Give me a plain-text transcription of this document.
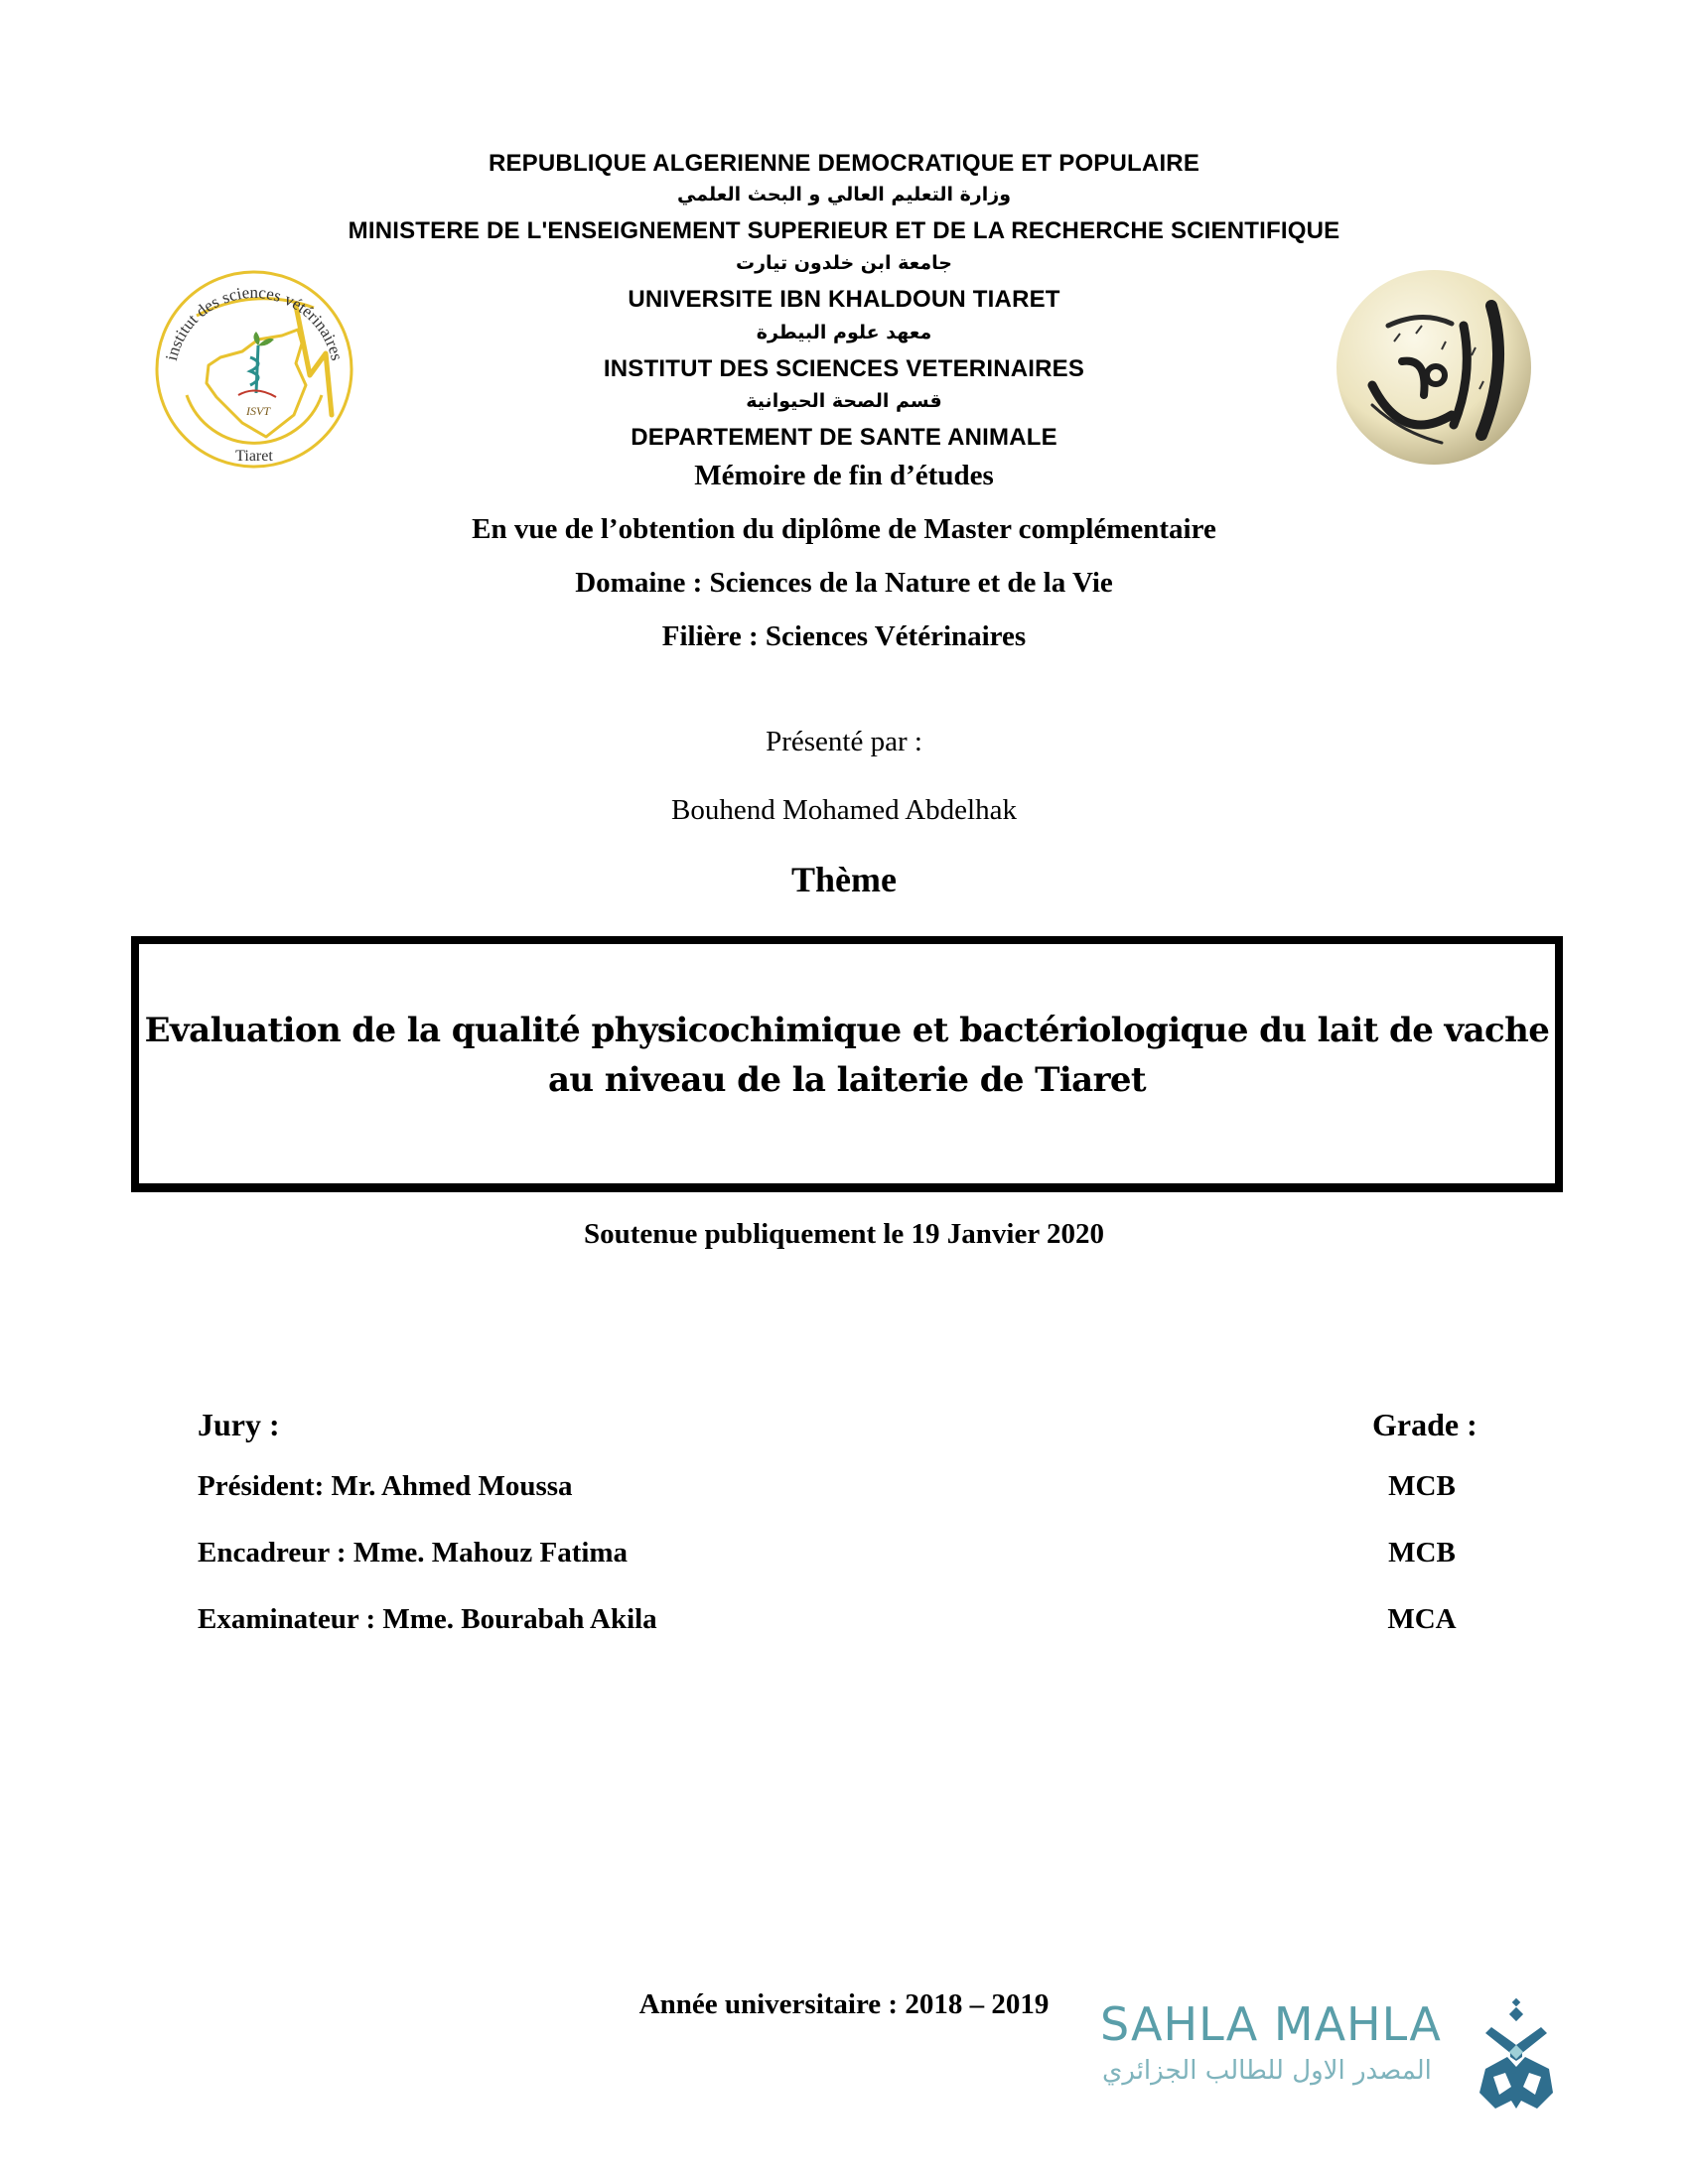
ISVT
institut des sciences vétérinaires
Tiaret
REPUBLIQUE ALGERIENNE DEMOCRATIQUE ET POPULAIRE
وزارة التعليم العالي و البحث العلمي
MINISTERE DE L'ENSEIGNEMENT SUPERIEUR ET DE LA RECHERCHE SCIENTIFIQUE
جامعة ابن خلدون تيارت
UNIVERSITE IBN KHALDOUN TIARET
معهد علوم البيطرة
INSTITUT DES SCIENCES VETERINAIRES
قسم الصحة الحيوانية
DEPARTEMENT DE SANTE ANIMALE
Mémoire de fin d’études
En vue de l’obtention du diplôme de Master complémentaire
Domaine : Sciences de la Nature et de la Vie
Filière : Sciences Vétérinaires
Présenté par :
Bouhend Mohamed Abdelhak
Thème
Evaluation de la qualité physicochimique et bactériologique du lait de vache
au niveau de la laiterie de Tiaret
Soutenue publiquement le 19 Janvier 2020
Jury :	Grade :
Président: Mr. Ahmed Moussa	MCB
Encadreur : Mme. Mahouz Fatima	MCB
Examinateur : Mme. Bourabah Akila	MCA
Année universitaire : 2018 – 2019	SAHLA MAHLA
المصدر الاول للطالب الجزائري
